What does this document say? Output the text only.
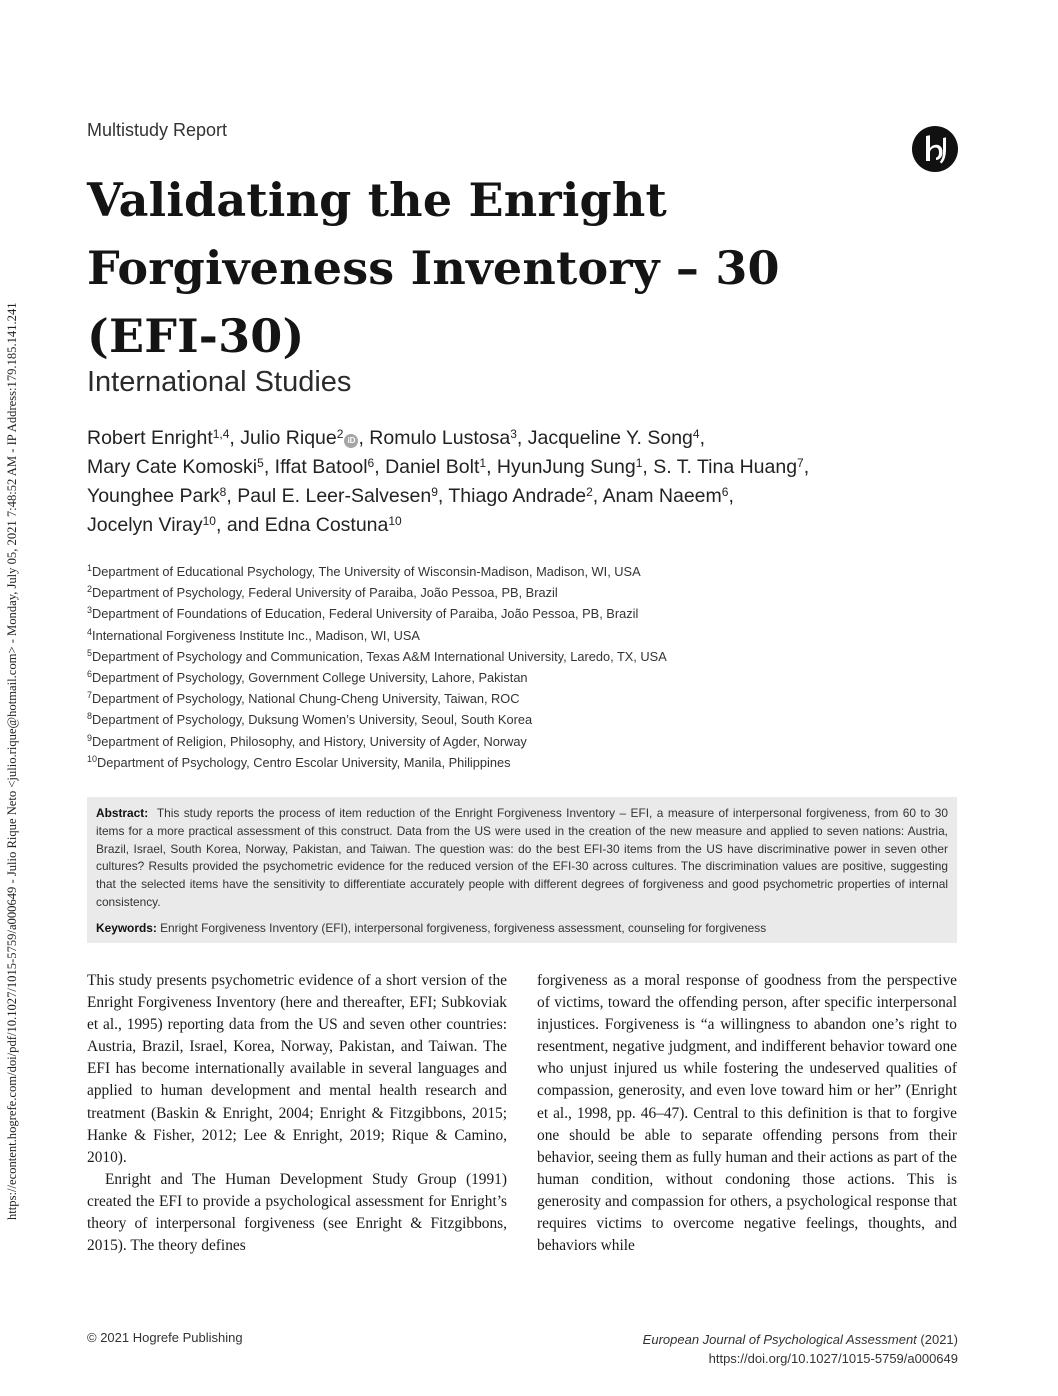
https://econtent.hogrefe.com/doi/pdf/10.1027/1015-5759/a000649 - Julio Rique Neto <julio.rique@hotmail.com> - Monday, July 05, 2021 7:48:52 AM - IP Address:179.185.141.241
Multistudy Report
Validating the Enright Forgiveness Inventory – 30 (EFI-30)
International Studies
Robert Enright$^{1,4}$, Julio Rique$^2$ iD , Romulo Lustosa$^3$, Jacqueline Y. Song$^4$,
Mary Cate Komoski$^5$, Iffat Batool$^6$, Daniel Bolt$^1$, HyunJung Sung$^1$, S. T. Tina Huang$^7$,
Younghee Park$^8$, Paul E. Leer-Salvesen$^9$, Thiago Andrade$^2$, Anam Naeem$^6$,
Jocelyn Viray$^{10}$, and Edna Costuna$^{10}$
$^1$Department of Educational Psychology, The University of Wisconsin-Madison, Madison, WI, USA
$^2$Department of Psychology, Federal University of Paraiba, João Pessoa, PB, Brazil
$^3$Department of Foundations of Education, Federal University of Paraiba, João Pessoa, PB, Brazil
$^4$International Forgiveness Institute Inc., Madison, WI, USA
$^5$Department of Psychology and Communication, Texas A&M International University, Laredo, TX, USA
$^6$Department of Psychology, Government College University, Lahore, Pakistan
$^7$Department of Psychology, National Chung-Cheng University, Taiwan, ROC
$^8$Department of Psychology, Duksung Women’s University, Seoul, South Korea
$^9$Department of Religion, Philosophy, and History, University of Agder, Norway
$^{10}$Department of Psychology, Centro Escolar University, Manila, Philippines
Abstract: This study reports the process of item reduction of the Enright Forgiveness Inventory – EFI, a measure of interpersonal forgiveness, from 60 to 30 items for a more practical assessment of this construct. Data from the US were used in the creation of the new measure and applied to seven nations: Austria, Brazil, Israel, South Korea, Norway, Pakistan, and Taiwan. The question was: do the best EFI-30 items from the US have discriminative power in seven other cultures? Results provided the psychometric evidence for the reduced version of the EFI-30 across cultures. The discrimination values are positive, suggesting that the selected items have the sensitivity to differentiate accurately people with different degrees of forgiveness and good psychometric properties of internal consistency.
Keywords: Enright Forgiveness Inventory (EFI), interpersonal forgiveness, forgiveness assessment, counseling for forgiveness

This study presents psychometric evidence of a short version of the Enright Forgiveness Inventory (here and thereafter, EFI; Subkoviak et al., 1995) reporting data from the US and seven other countries: Austria, Brazil, Israel, Korea, Norway, Pakistan, and Taiwan. The EFI has become internationally available in several languages and applied to human development and mental health research and treatment (Baskin & Enright, 2004; Enright & Fitzgibbons, 2015; Hanke & Fisher, 2012; Lee & Enright, 2019; Rique & Camino, 2010).

Enright and The Human Development Study Group (1991) created the EFI to provide a psychological assessment for Enright’s theory of interpersonal forgiveness (see Enright & Fitzgibbons, 2015). The theory defines

forgiveness as a moral response of goodness from the perspective of victims, toward the offending person, after specific interpersonal injustices. Forgiveness is “a willingness to abandon one’s right to resentment, negative judgment, and indifferent behavior toward one who unjust injured us while fostering the undeserved qualities of compassion, generosity, and even love toward him or her” (Enright et al., 1998, pp. 46–47). Central to this definition is that to forgive one should be able to separate offending persons from their behavior, seeing them as fully human and their actions as part of the human condition, without condoning those actions. This is generosity and compassion for others, a psychological response that requires victims to overcome negative feelings, thoughts, and behaviors while

© 2021 Hogrefe Publishing	European Journal of Psychological Assessment (2021)
https://doi.org/10.1027/1015-5759/a000649
